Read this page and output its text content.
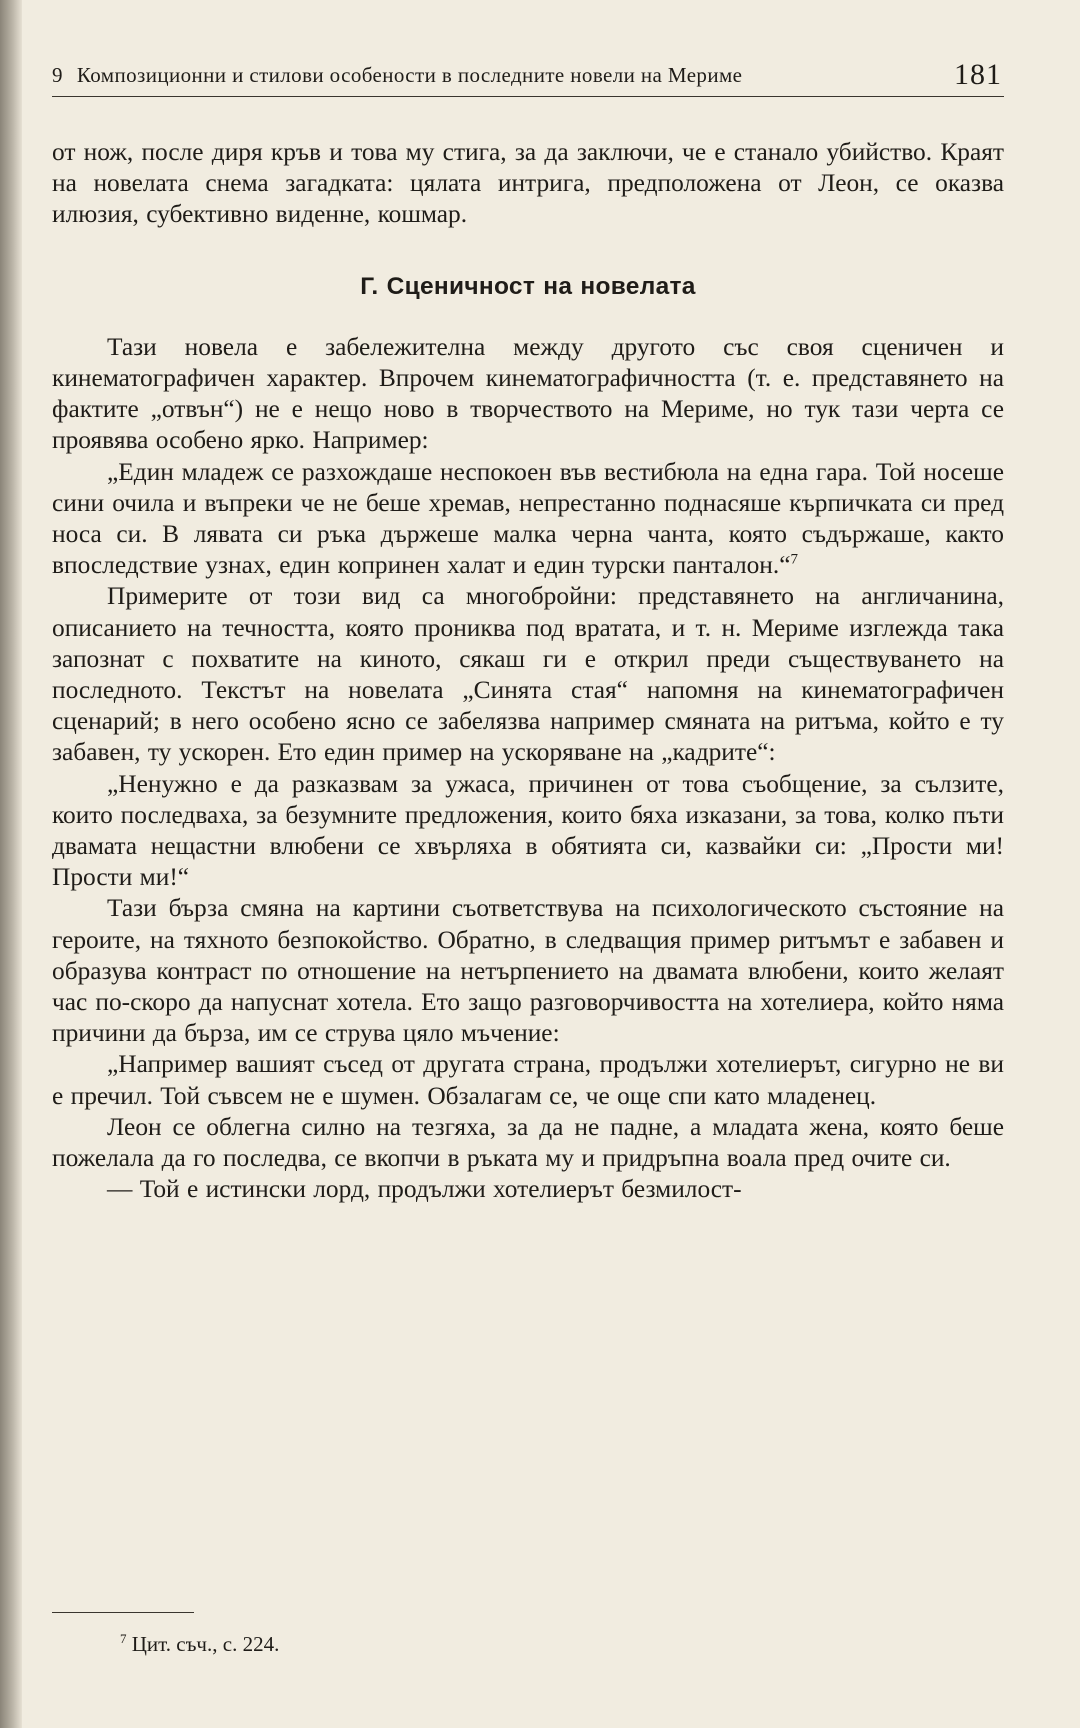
9 Композиционни и стилови особености в последните новели на Мериме	181

от нож, после диря кръв и това му стига, за да заключи, че е станало убийство. Краят на новелата снема загадката: цялата интрига, предположена от Леон, се оказва илюзия, субективно виденне, кошмар.

Г. Сценичност на новелата

Тази новела е забележителна между другото със своя сценичен и кинематографичен характер. Впрочем кинематографичността (т. е. представянето на фактите „отвън“) не е нещо ново в творчеството на Мериме, но тук тази черта се проявява особено ярко. Например:

„Един младеж се разхождаше неспокоен във вестибюла на една гара. Той носеше сини очила и въпреки че не беше хремав, непрестанно поднасяше кърпичката си пред носа си. В лявата си ръка държеше малка черна чанта, която съдържаше, както впоследствие узнах, един копринен халат и един турски панталон.“$^7$

Примерите от този вид са многобройни: представянето на англичанина, описанието на течността, която прониква под вратата, и т. н. Мериме изглежда така запознат с похватите на киното, сякаш ги е открил преди съществуването на последното. Текстът на новелата „Синята стая“ напомня на кинематографичен сценарий; в него особено ясно се забелязва например смяната на ритъма, който е ту забавен, ту ускорен. Ето един пример на ускоряване на „кадрите“:

„Ненужно е да разказвам за ужаса, причинен от това съобщение, за сълзите, които последваха, за безумните предложения, които бяха изказани, за това, колко пъти двамата нещастни влюбени се хвърляха в обятията си, казвайки си: „Прости ми! Прости ми!“

Тази бърза смяна на картини съответствува на психологическото състояние на героите, на тяхното безпокойство. Обратно, в следващия пример ритъмът е забавен и образува контраст по отношение на нетърпението на двамата влюбени, които желаят час по-скоро да напуснат хотела. Ето защо разговорчивостта на хотелиера, който няма причини да бърза, им се струва цяло мъчение:

„Например вашият съсед от другата страна, продължи хотелиерът, сигурно не ви е пречил. Той съвсем не е шумен. Обзалагам се, че още спи като младенец.

Леон се облегна силно на тезгяха, за да не падне, а младата жена, която беше пожелала да го последва, се вкопчи в ръката му и придръпна воала пред очите си.

— Той е истински лорд, продължи хотелиерът безмилост-

$^7$ Цит. съч., с. 224.
